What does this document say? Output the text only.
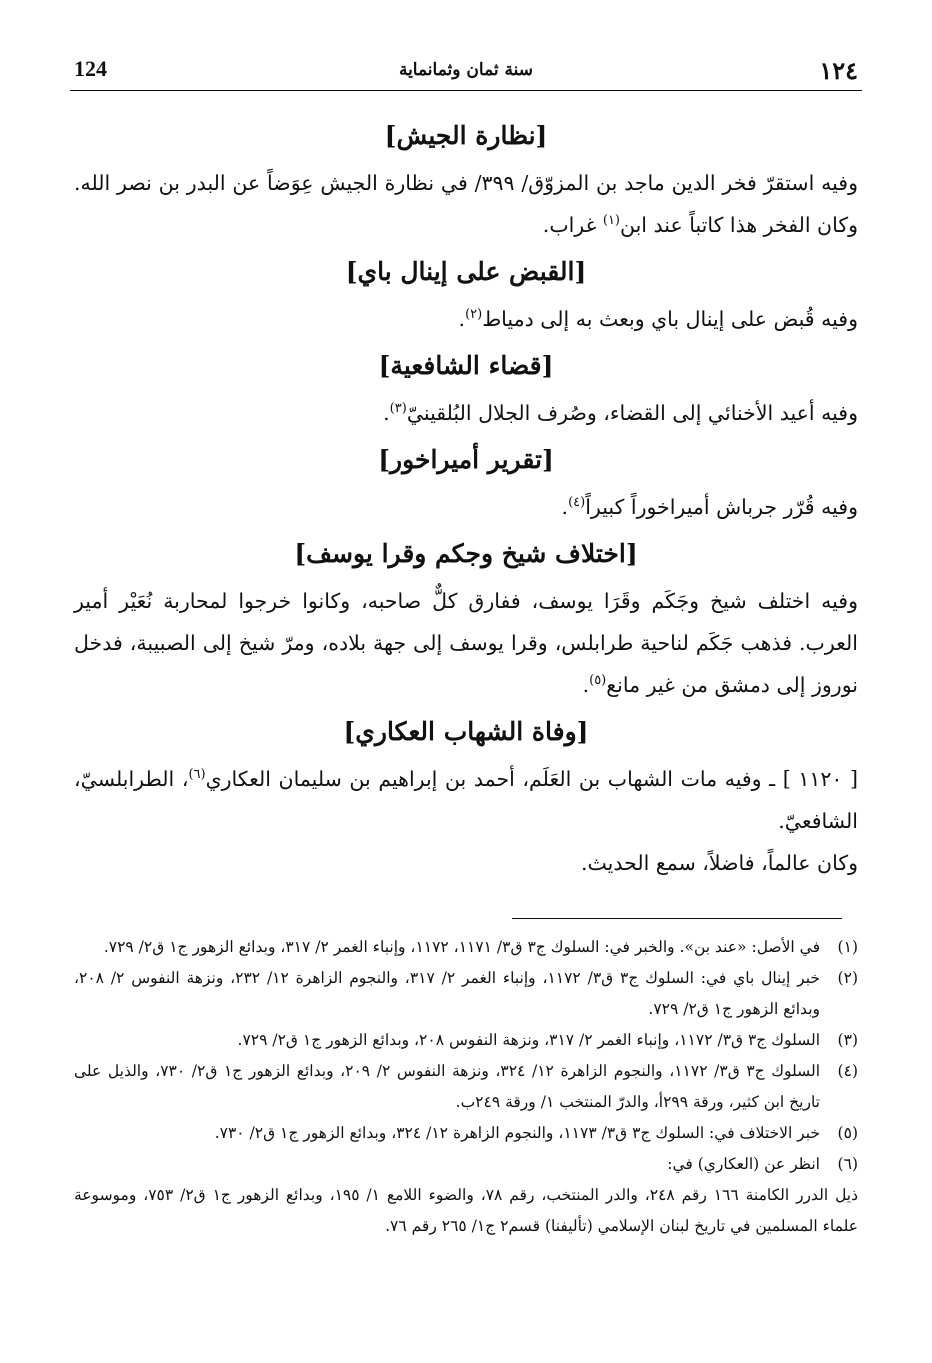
124	سنة ثمان وثمانماية	١٢٤
[نظارة الجيش]

وفيه استقرّ فخر الدين ماجد بن المزوّق/ ٣٩٩/ في نظارة الجيش عِوَضاً عن البدر بن نصر الله. وكان الفخر هذا كاتباً عند ابن$^{(١)}$ غراب.

[القبض على إينال باي]

وفيه قُبض على إينال باي وبعث به إلى دمياط$^{(٢)}$.

[قضاء الشافعية]

وفيه أعيد الأخنائي إلى القضاء، وصُرف الجلال البُلقينيّ$^{(٣)}$.

[تقرير أميراخور]

وفيه قُرّر جرباش أميراخوراً كبيراً$^{(٤)}$.

[اختلاف شيخ وجكم وقرا يوسف]

وفيه اختلف شيخ وجَكَم وقَرَا يوسف، ففارق كلٌّ صاحبه، وكانوا خرجوا لمحاربة نُعَيْر أمير العرب. فذهب جَكَم لناحية طرابلس، وقرا يوسف إلى جهة بلاده، ومرّ شيخ إلى الصبيبة، فدخل نوروز إلى دمشق من غير مانع$^{(٥)}$.

[وفاة الشهاب العكاري]

[ ١١٢٠ ] ـ وفيه مات الشهاب بن العَلَم، أحمد بن إبراهيم بن سليمان العكاري$^{(٦)}$، الطرابلسيّ، الشافعيّ.

وكان عالماً، فاضلاً، سمع الحديث.

(١)
في الأصل: «عند بن». والخبر في: السلوك ج٣ ق٣/ ١١٧١، ١١٧٢، وإنباء الغمر ٢/ ٣١٧، وبدائع الزهور ج١ ق٢/ ٧٢٩.
(٢)
خبر إينال باي في: السلوك ج٣ ق٣/ ١١٧٢، وإنباء الغمر ٢/ ٣١٧، والنجوم الزاهرة ١٢/ ٢٣٢، ونزهة النفوس ٢/ ٢٠٨، وبدائع الزهور ج١ ق٢/ ٧٢٩.
(٣)
السلوك ج٣ ق٣/ ١١٧٢، وإنباء الغمر ٢/ ٣١٧، ونزهة النفوس ٢٠٨، وبدائع الزهور ج١ ق٢/ ٧٢٩.
(٤)
السلوك ج٣ ق٣/ ١١٧٢، والنجوم الزاهرة ١٢/ ٣٢٤، ونزهة النفوس ٢/ ٢٠٩، وبدائع الزهور ج١ ق٢/ ٧٣٠، والذيل على تاريخ ابن كثير، ورقة ٢٩٩أ، والدرّ المنتخب ١/ ورقة ٢٤٩ب.
(٥)
خبر الاختلاف في: السلوك ج٣ ق٣/ ١١٧٣، والنجوم الزاهرة ١٢/ ٣٢٤، وبدائع الزهور ج١ ق٢/ ٧٣٠.
(٦)
انظر عن (العكاري) في:
ذيل الدرر الكامنة ١٦٦ رقم ٢٤٨، والدر المنتخب، رقم ٧٨، والضوء اللامع ١/ ١٩٥، وبدائع الزهور ج١ ق٢/ ٧٥٣، وموسوعة علماء المسلمين في تاريخ لبنان الإسلامي (تأليفنا) قسم٢ ج١/ ٢٦٥ رقم ٧٦.
